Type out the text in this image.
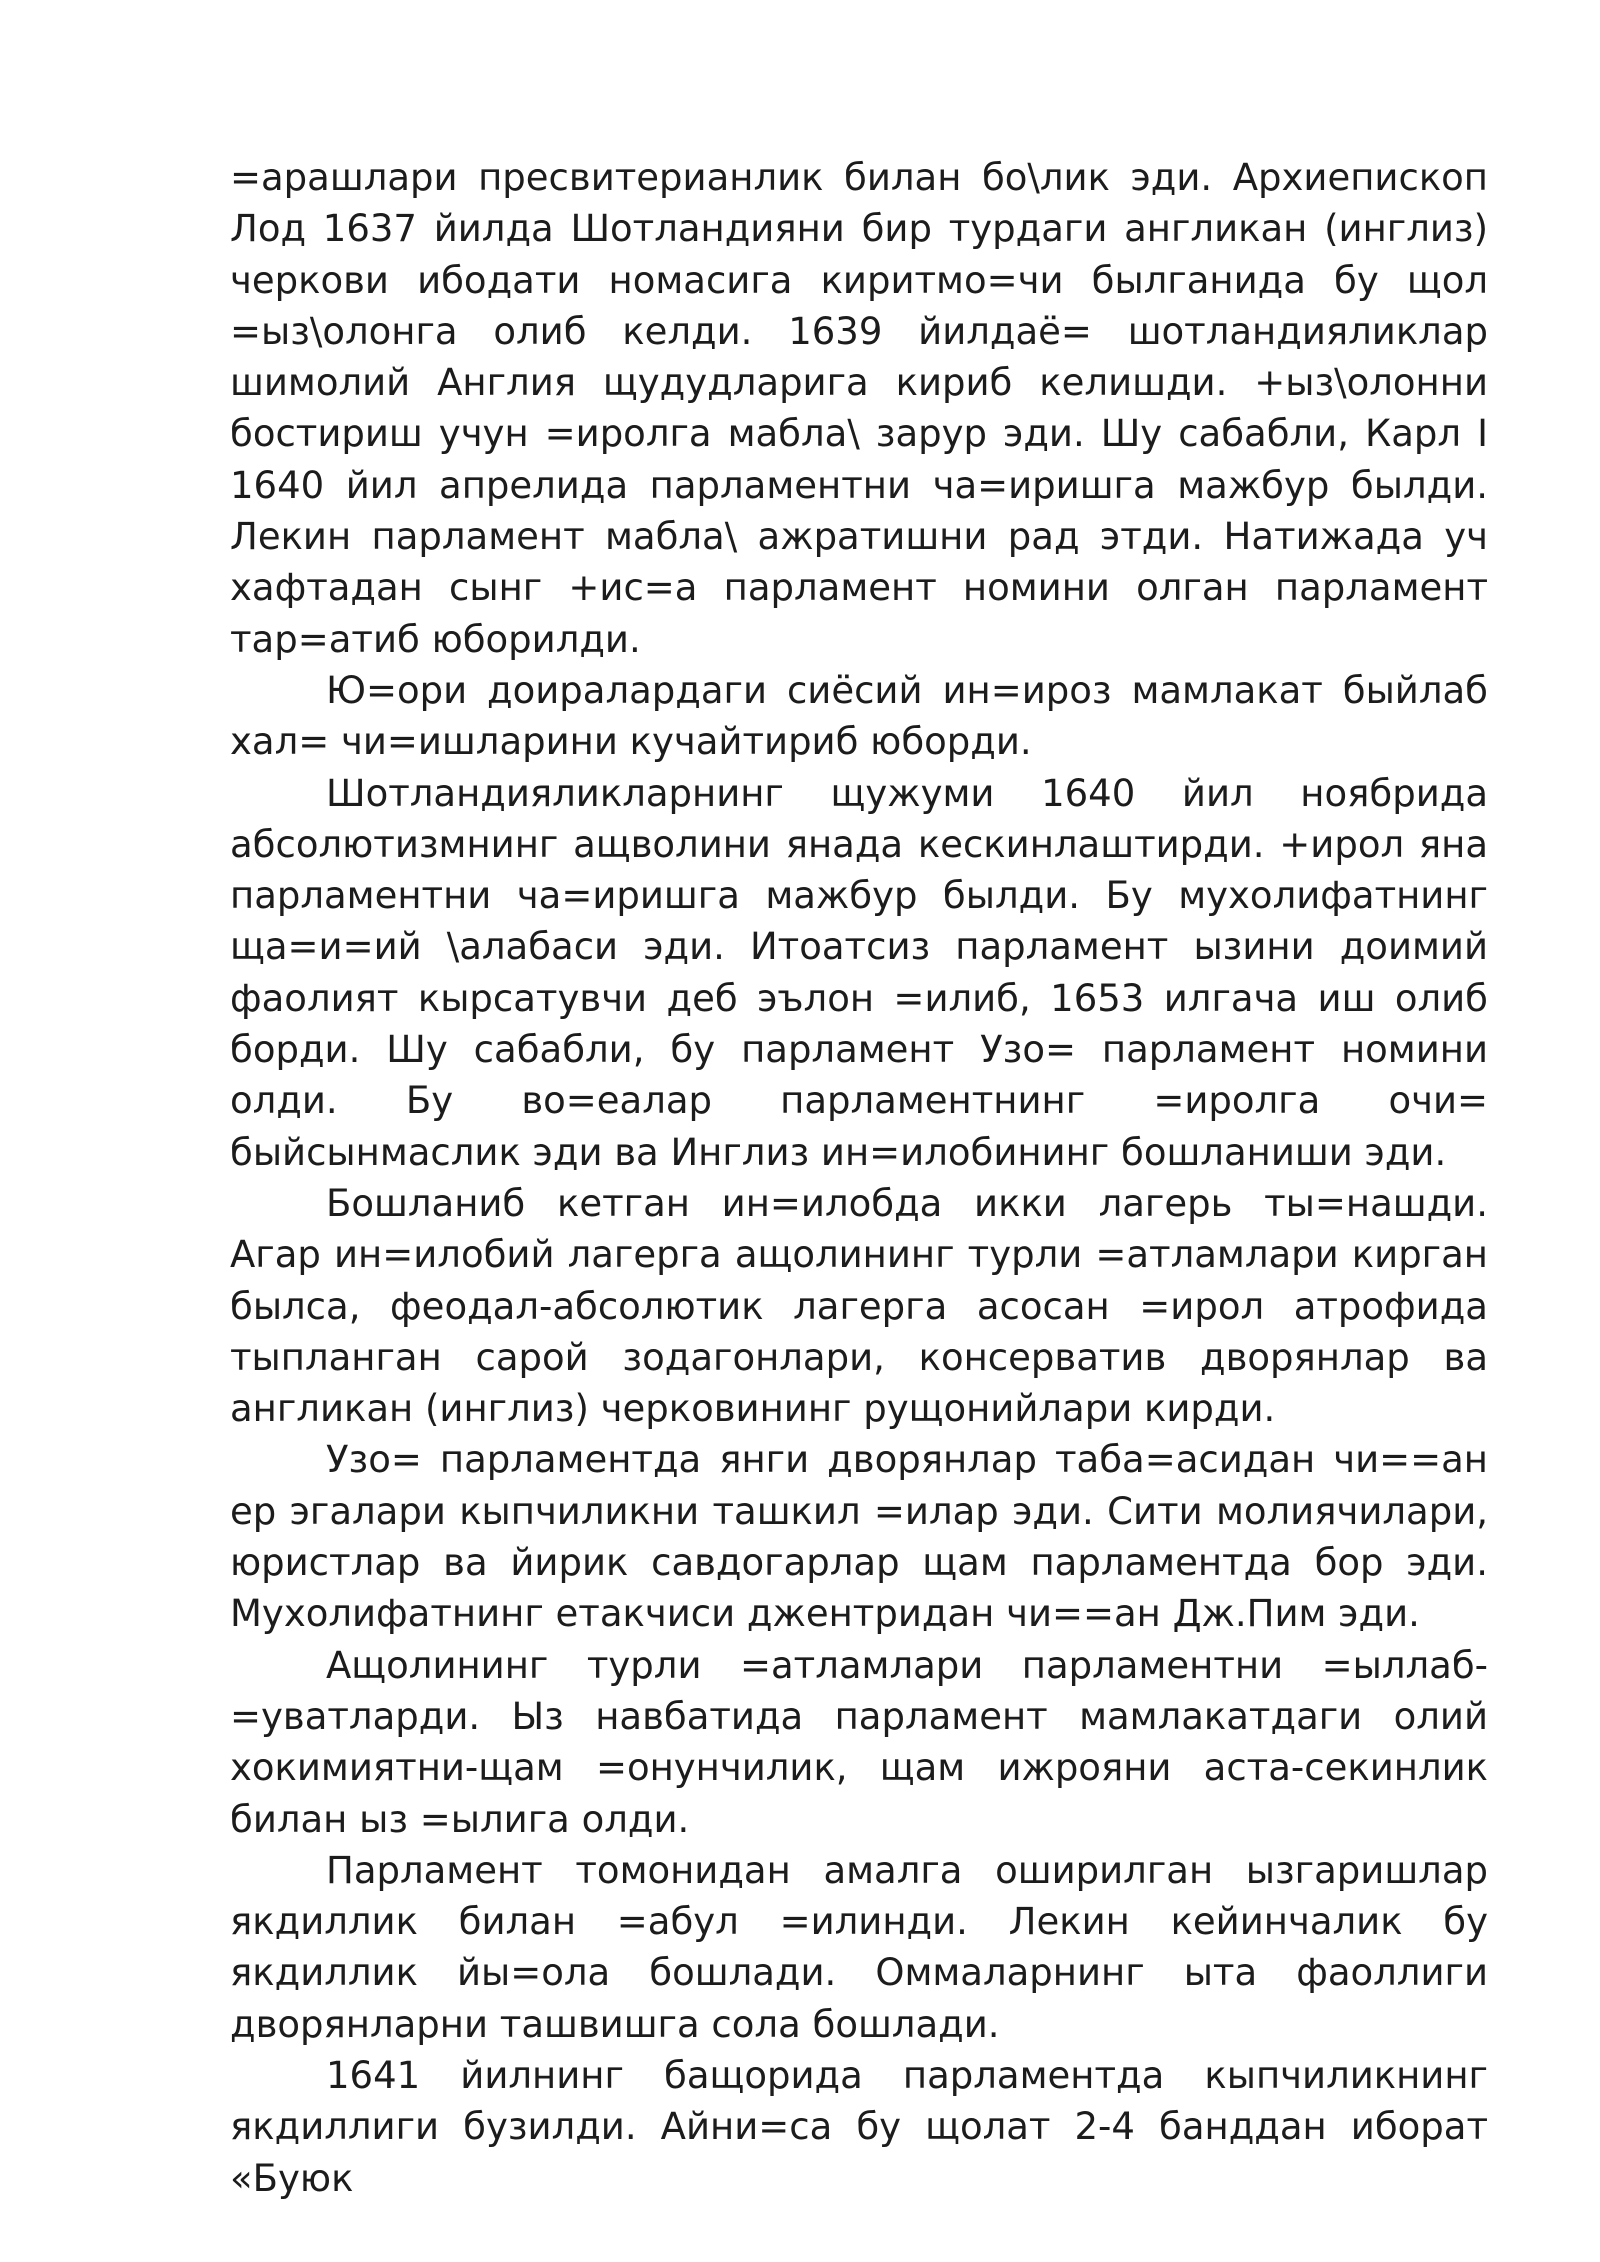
=арашлари пресвитерианлик билан бо\лик эди. Архиепископ Лод 1637 йилда Шотландияни бир турдаги англикан (инглиз) черкови ибодати номасига киритмо=чи былганида бу щол =ыз\олонга олиб келди. 1639 йилдаё= шотландияликлар шимолий Англия щудудларига кириб келишди. +ыз\олонни бостириш учун =иролга мабла\ зарур эди. Шу сабабли, Карл I 1640 йил апрелида парламентни ча=иришга мажбур былди. Лекин парламент мабла\ ажратишни рад этди. Натижада уч хафтадан сынг +ис=а парламент номини олган парламент тар=атиб юборилди.

Ю=ори доиралардаги сиёсий ин=ироз мамлакат быйлаб хал= чи=ишларини кучайтириб юборди.

Шотландияликларнинг щужуми 1640 йил ноябрида абсолютизмнинг ащволини янада кескинлаштирди. +ирол яна парламентни ча=иришга мажбур былди. Бу мухолифатнинг ща=и=ий \алабаси эди. Итоатсиз парламент ызини доимий фаолият кырсатувчи деб эълон =илиб, 1653 илгача иш олиб борди. Шу сабабли, бу парламент Узо= парламент номини олди. Бу во=еалар парламентнинг =иролга очи= быйсынмаслик эди ва Инглиз ин=илобининг бошланиши эди.

Бошланиб кетган ин=илобда икки лагерь ты=нашди. Агар ин=илобий лагерга ащолининг турли =атламлари кирган былса, феодал-абсолютик лагерга асосан =ирол атрофида тыпланган сарой зодагонлари, консерватив дворянлар ва англикан (инглиз) черковининг рущонийлари кирди.

Узо= парламентда янги дворянлар таба=асидан чи==ан ер эгалари кыпчиликни ташкил =илар эди. Сити молиячилари, юристлар ва йирик савдогарлар щам парламентда бор эди. Мухолифатнинг етакчиси джентридан чи==ан Дж.Пим эди.

Ащолининг турли =атламлари парламентни =ыллаб-=уватларди. Ыз навбатида парламент мамлакатдаги олий хокимиятни-щам =онунчилик, щам ижрояни аста-секинлик билан ыз =ылига олди.

Парламент томонидан амалга оширилган ызгаришлар якдиллик билан =абул =илинди. Лекин кейинчалик бу якдиллик йы=ола бошлади. Оммаларнинг ыта фаоллиги дворянларни ташвишга сола бошлади.

1641 йилнинг бащорида парламентда кыпчиликнинг якдиллиги бузилди. Айни=са бу щолат 2-4 банддан иборат «Буюк
